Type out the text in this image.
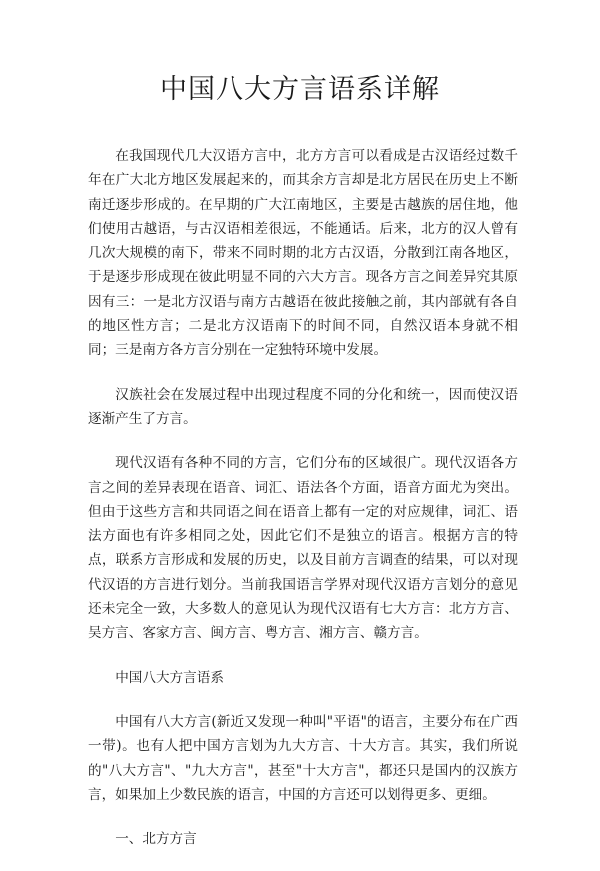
中国八大方言语系详解

在我国现代几大汉语方言中，北方方言可以看成是古汉语经过数千年在广大北方地区发展起来的，而其余方言却是北方居民在历史上不断南迁逐步形成的。在早期的广大江南地区，主要是古越族的居住地，他们使用古越语，与古汉语相差很远，不能通话。后来，北方的汉人曾有几次大规模的南下，带来不同时期的北方古汉语，分散到江南各地区，于是逐步形成现在彼此明显不同的六大方言。现各方言之间差异究其原因有三：一是北方汉语与南方古越语在彼此接触之前，其内部就有各自的地区性方言；二是北方汉语南下的时间不同，自然汉语本身就不相同；三是南方各方言分别在一定独特环境中发展。

汉族社会在发展过程中出现过程度不同的分化和统一，因而使汉语逐渐产生了方言。

现代汉语有各种不同的方言，它们分布的区域很广。现代汉语各方言之间的差异表现在语音、词汇、语法各个方面，语音方面尤为突出。但由于这些方言和共同语之间在语音上都有一定的对应规律，词汇、语法方面也有许多相同之处，因此它们不是独立的语言。根据方言的特点，联系方言形成和发展的历史，以及目前方言调查的结果，可以对现代汉语的方言进行划分。当前我国语言学界对现代汉语方言划分的意见还未完全一致，大多数人的意见认为现代汉语有七大方言：北方方言、吴方言、客家方言、闽方言、粤方言、湘方言、赣方言。

中国八大方言语系

中国有八大方言(新近又发现一种叫"平语"的语言，主要分布在广西一带)。也有人把中国方言划为九大方言、十大方言。其实，我们所说的"八大方言"、"九大方言"，甚至"十大方言"，都还只是国内的汉族方言，如果加上少数民族的语言，中国的方言还可以划得更多、更细。

一、北方方言
